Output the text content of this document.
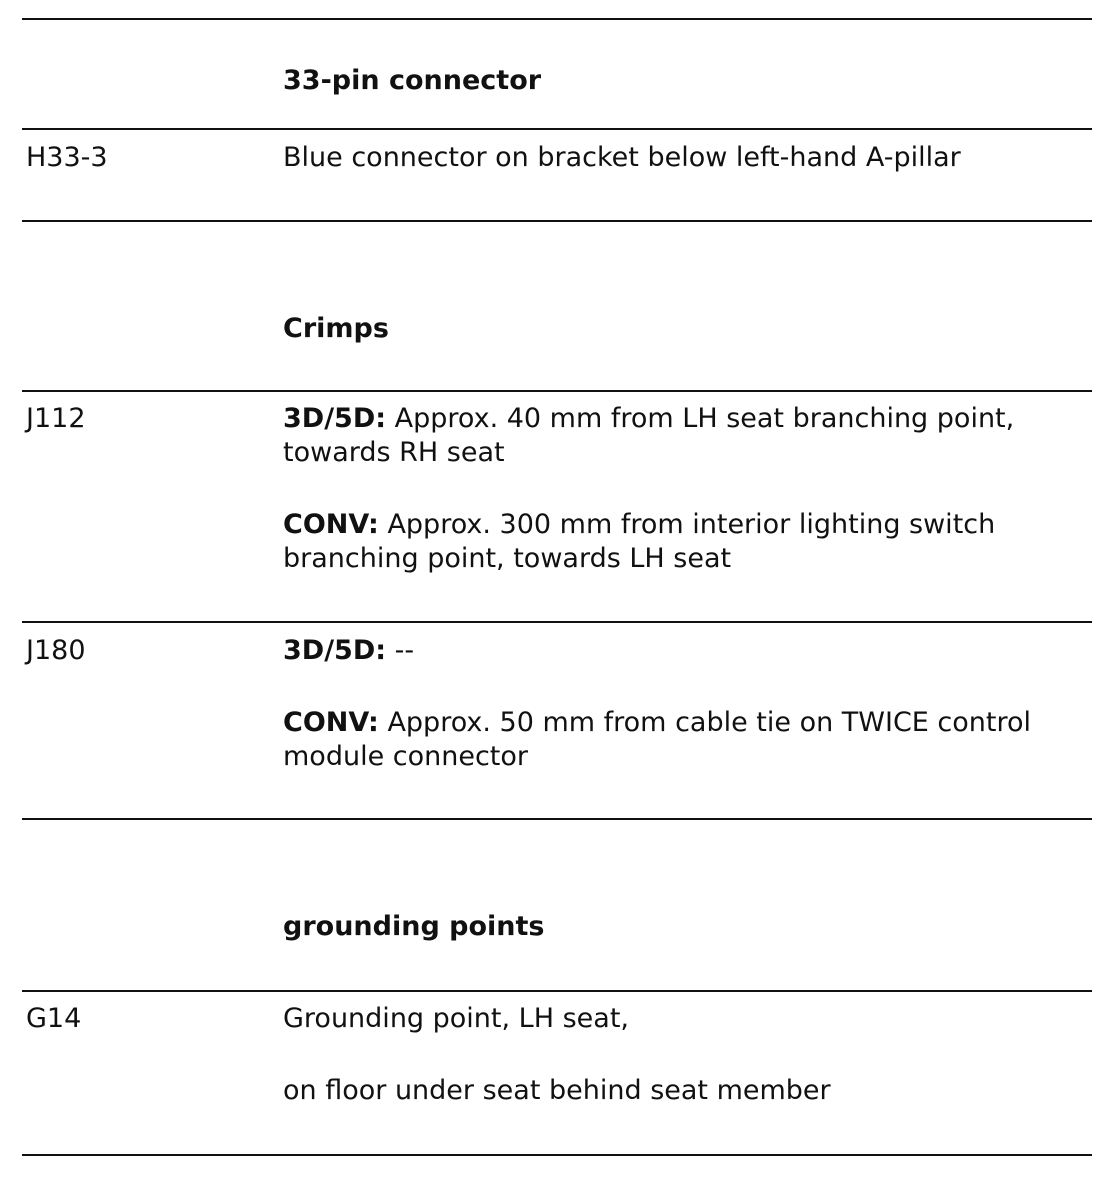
33-pin connector
H33-3	Blue connector on bracket below left-hand A-pillar
Crimps
J112	3D/5D: Approx. 40 mm from LH seat branching point,
towards RH seat
CONV: Approx. 300 mm from interior lighting switch
branching point, towards LH seat
J180	3D/5D: --
CONV: Approx. 50 mm from cable tie on TWICE control
module connector
grounding points
G14	Grounding point, LH seat,
on floor under seat behind seat member
